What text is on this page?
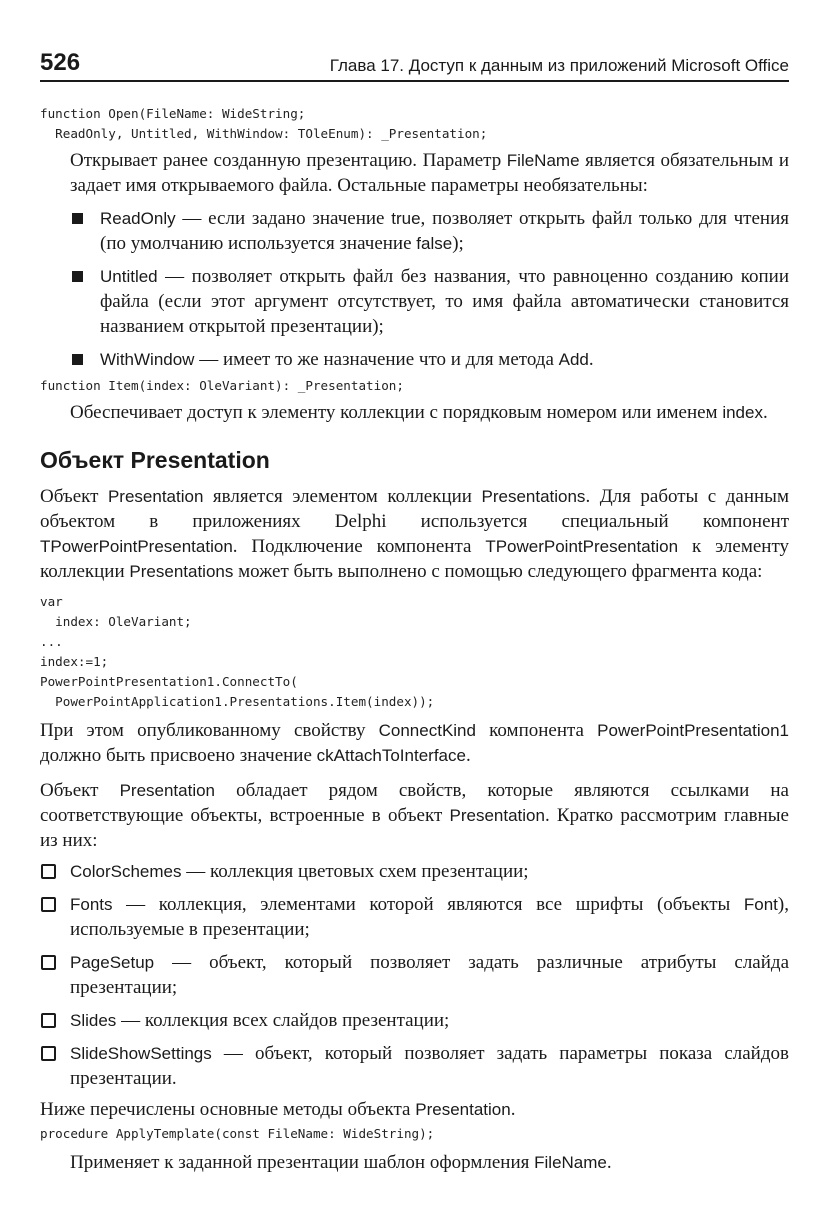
526	Глава 17. Доступ к данным из приложений Microsoft Office
function Open(FileName: WideString;
ReadOnly, Untitled, WithWindow: TOleEnum): _Presentation;

Открывает ранее созданную презентацию. Параметр FileName является обязательным и задает имя открываемого файла. Остальные параметры необязательны:

ReadOnly — если задано значение true, позволяет открыть файл только для чтения (по умолчанию используется значение false);
Untitled — позволяет открыть файл без названия, что равноценно созданию копии файла (если этот аргумент отсутствует, то имя файла автоматически становится названием открытой презентации);
WithWindow — имеет то же назначение что и для метода Add.
function Item(index: OleVariant): _Presentation;

Обеспечивает доступ к элементу коллекции с порядковым номером или именем index.

Объект Presentation

Объект Presentation является элементом коллекции Presentations. Для работы с данным объектом в приложениях Delphi используется специальный компонент TPowerPointPresentation. Подключение компонента TPowerPointPresentation к элементу коллекции Presentations может быть выполнено с помощью следующего фрагмента кода:

var
index: OleVariant;
...
index:=1;
PowerPointPresentation1.ConnectTo(
PowerPointApplication1.Presentations.Item(index));

При этом опубликованному свойству ConnectKind компонента PowerPointPresentation1 должно быть присвоено значение ckAttachToInterface.

Объект Presentation обладает рядом свойств, которые являются ссылками на соответствующие объекты, встроенные в объект Presentation. Кратко рассмотрим главные из них:

ColorSchemes — коллекция цветовых схем презентации;
Fonts — коллекция, элементами которой являются все шрифты (объекты Font), используемые в презентации;
PageSetup — объект, который позволяет задать различные атрибуты слайда презентации;
Slides — коллекция всех слайдов презентации;
SlideShowSettings — объект, который позволяет задать параметры показа слайдов презентации.

Ниже перечислены основные методы объекта Presentation.

procedure ApplyTemplate(const FileName: WideString);

Применяет к заданной презентации шаблон оформления FileName.
